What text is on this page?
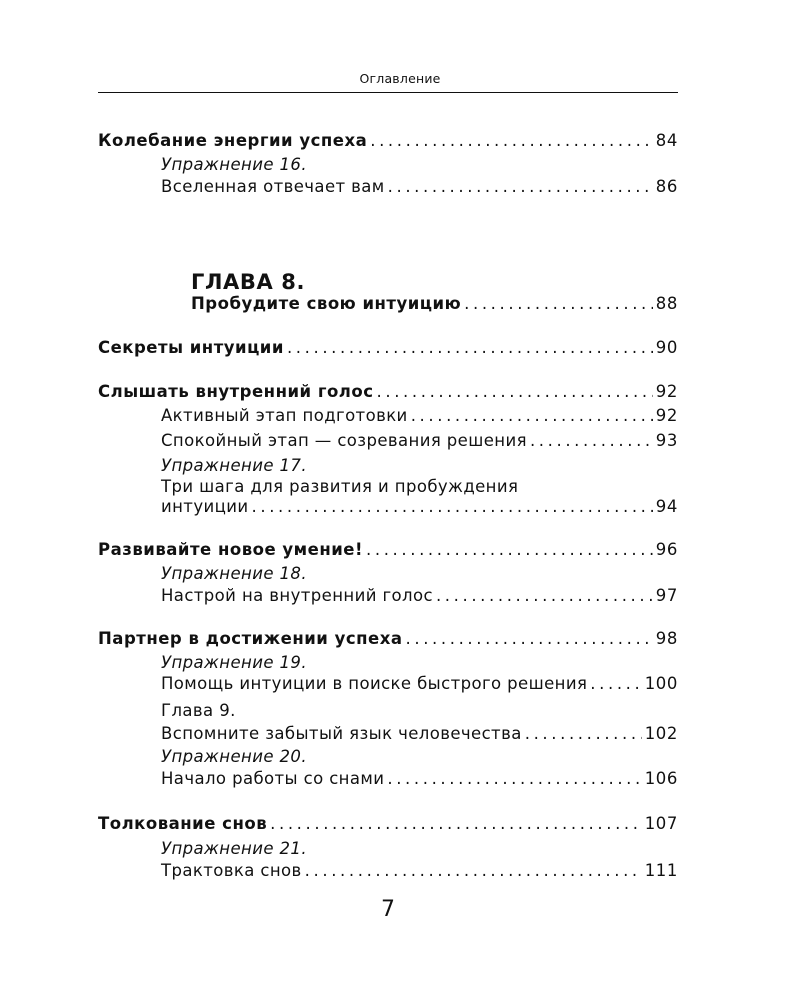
Оглавление
Колебание энергии успеха .....	84
Упражнение 16.
Вселенная отвечает вам .....	86
ГЛАВА 8.
Пробудите свою интуицию .....	88
Секреты интуиции .....	90
Слышать внутренний голос .....	92
Активный этап подготовки .....	92
Спокойный этап — созревания решения .....	93
Упражнение 17.
Три шага для развития и пробуждения
интуиции .....	94
Развивайте новое умение! .....	96
Упражнение 18.
Настрой на внутренний голос .....	97
Партнер в достижении успеха .....	98
Упражнение 19.
Помощь интуиции в поиске быстрого решения .....	100
Глава 9.
Вспомните забытый язык человечества .....	102
Упражнение 20.
Начало работы со снами .....	106
Толкование снов .....	107
Упражнение 21.
Трактовка снов .....	111
7
